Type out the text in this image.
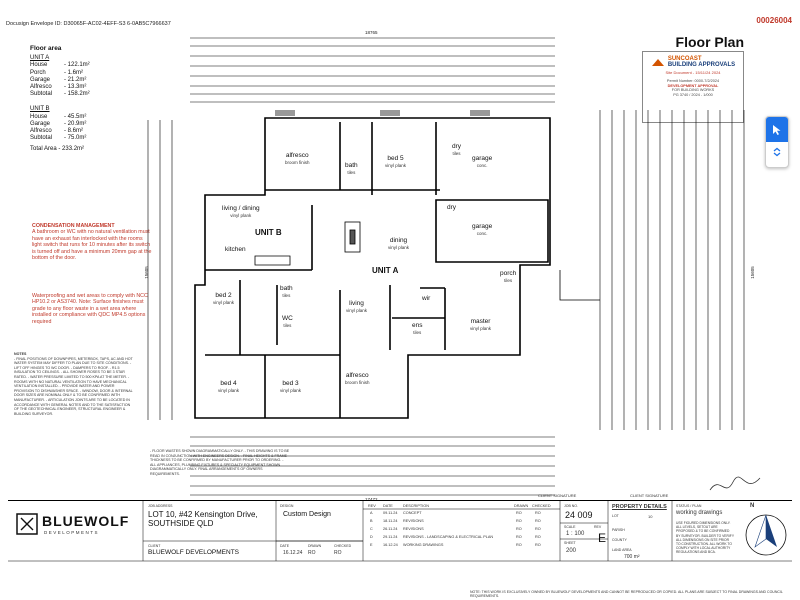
Docusign Envelope ID: D30065F-AC02-4EFF-S3 6-0AB5C7966637	00026004
Floor Plan
Floor area
UNIT A
House	- 122.1m²
Porch	- 1.6m²
Garage	- 21.2m²
Alfresco	- 13.3m²
Subtotal	- 158.2m²
UNIT B
House	- 45.5m²
Garage	- 20.9m²
Alfresco	- 8.6m²
Subtotal	- 75.0m²
Total Area - 233.2m²
CONDENSATION MANAGEMENT
A bathroom or WC with no natural ventilation must have an exhaust fan interlocked with the rooms light switch that runs for 10 minutes after its switch is turned off and have a minimum 20mm gap at the bottom of the door.
Waterproofing and wet areas to comply with NCC HP10.2 or AS3740. Note: Surface finishes must grade to any floor waste in a wet area where installed or compliance with QDC MP4.5 options required
NOTES
- FINAL POSITIONS OF DOWNPIPES, METERBOX, TAPS, AC AND HOT WATER SYSTEM MAY DIFFER TO PLAN DUE TO SITE CONDITIONS. - LIFT OFF HINGES TO WC DOOR. - DAMPERS TO ROOF. - R1.5 INSULATION TO CEILINGS. - ALL SHOWER ROSES TO BE 3 STAR RATED. - WATER PRESSURE LIMITED TO 500 KPA AT THE METER. - ROOMS WITH NO NATURAL VENTILATION TO HAVE MECHANICAL VENTILATION INSTALLED. - PROVIDE WATER AND POWER PROVISION TO DISHWASHER SPACE. - WINDOW, DOOR & INTERNAL DOOR SIZES ARE NOMINAL ONLY & TO BE CONFIRMED WITH MANUFACTURER. - ARTICULATION JOINTS ARE TO BE LOCATED IN ACCORDANCE WITH GENERAL NOTES AND TO THE SATISFACTION OF THE GEOTECHNICAL ENGINEER, STRUCTURAL ENGINEER & BUILDING SURVEYOR.
- FLOOR WASTES SHOWN DIAGRAMMATICALLY ONLY. - THIS DRAWING IS TO BE READ IN CONJUNCTION WITH ENGINEERS DESIGN. - FINAL HEIGHTS & FRAME THICKNESS TO BE CONFIRMED BY MANUFACTURER PRIOR TO ORDERING. - ALL APPLIANCES, PLUMBING FIXTURES & SPECIALTY EQUIPMENT SHOWN DIAGRAMMATICALLY ONLY. FINAL ARRANGEMENTS OF OWNERS REQUIREMENTS.
SUNCOAST
BUILDING APPROVALS
Site Document - 15/11/24 2024
Permit Number: 0000-7/2/2024
DEVELOPMENT APPROVAL
FOR BUILDING WORKS
PG 3740 / 2024 - 1/000
18765
17472
15605	15605
alfresco
broom finish	bath
tiles
bed 5
vinyl plank
dry
tiles
garage
conc.
living / dining
vinyl plank
UNIT B
kitchen
dry
garage
conc.
dining
vinyl plank
UNIT A	porch
tiles
bed 2
vinyl plank
bath
tiles
WC
tiles
living
vinyl plank
wir
ens
tiles
master
vinyl plank
bed 4
vinyl plank
bed 3
vinyl plank
alfresco
broom finish
CLIENT SIGNATURE	CLIENT SIGNATURE
BLUEWOLF
DEVELOPMENTS
JOB ADDRESS
LOT 10, #42 Kensington Drive, SOUTHSIDE QLD
CLIENT
BLUEWOLF DEVELOPMENTS
DESIGN
Custom Design
DATE
16.12.24
DRAWN
RO
CHECKED
RO
REV DATE	DESCRIPTION	DRAWN CHECKED
A	09.11.24 CONCEPT	RO	RO
B	18.11.24 REVISIONS	RO	RO
C	26.11.24 REVISIONS	RO	RO
D	29.11.24 REVISIONS - LANDSCAPING & ELECTRICAL PLAN	RO	RO
E	16.12.24 WORKING DRAWINGS	RO	RO
JOB NO.
24 009
SCALE
1 : 100
SHEET
200
REV
E
PROPERTY DETAILS
LOT	10
PARISH
COUNTY
LAND AREA
700 m²
STATUS / PLAN
working drawings
USE FIGURED DIMENSIONS ONLY. ALL LEVELS, SETOUT ARE PROPOSED & TO BE CONFIRMED BY SURVEYOR. BUILDER TO VERIFY ALL DIMENSIONS ON SITE PRIOR TO CONSTRUCTION. ALL WORK TO COMPLY WITH LOCAL AUTHORITY REGULATIONS AND BCA.
N
NOTE: THIS WORK IS EXCLUSIVELY OWNED BY BLUEWOLF DEVELOPMENTS AND CANNOT BE REPRODUCED OR COPIED. ALL PLANS ARE SUBJECT TO FINAL DRAWINGS AND COUNCIL REQUIREMENTS.
